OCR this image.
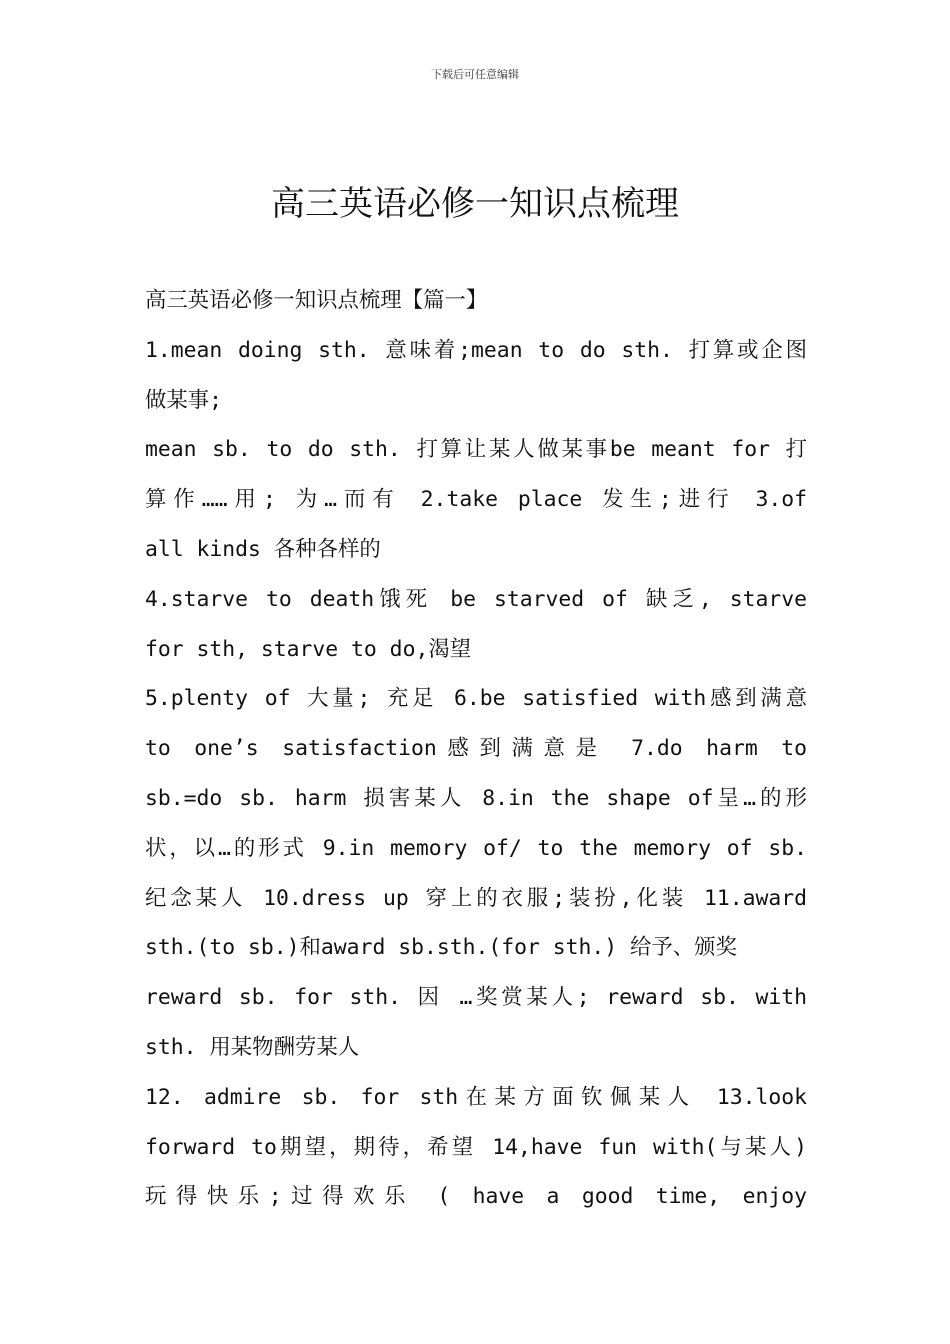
下载后可任意编辑
高三英语必修一知识点梳理
高三英语必修一知识点梳理【篇一】
1.mean doing sth. 意味着;mean to do sth. 打算或企图
做某事;
mean sb. to do sth. 打算让某人做某事be meant for 打
算作……用; 为…而有 2.take place 发生;进行 3.of
all kinds 各种各样的
4.starve to death饿死 be starved of 缺乏, starve
for sth, starve to do,渴望
5.plenty of 大量; 充足 6.be satisfied with感到满意
to one’s satisfaction感到满意是 7.do harm to
sb.=do sb. harm 损害某人 8.in the shape of呈…的形
状，以…的形式 9.in memory of/ to the memory of sb.
纪念某人 10.dress up 穿上的衣服;装扮,化装 11.award
sth.(to sb.)和award sb.sth.(for sth.) 给予、颁奖
reward sb. for sth. 因 …奖赏某人; reward sb. with
sth. 用某物酬劳某人
12. admire sb. for sth在某方面钦佩某人 13.look
forward to期望，期待，希望 14,have fun with(与某人)
玩得快乐;过得欢乐 ( have a good time, enjoy
